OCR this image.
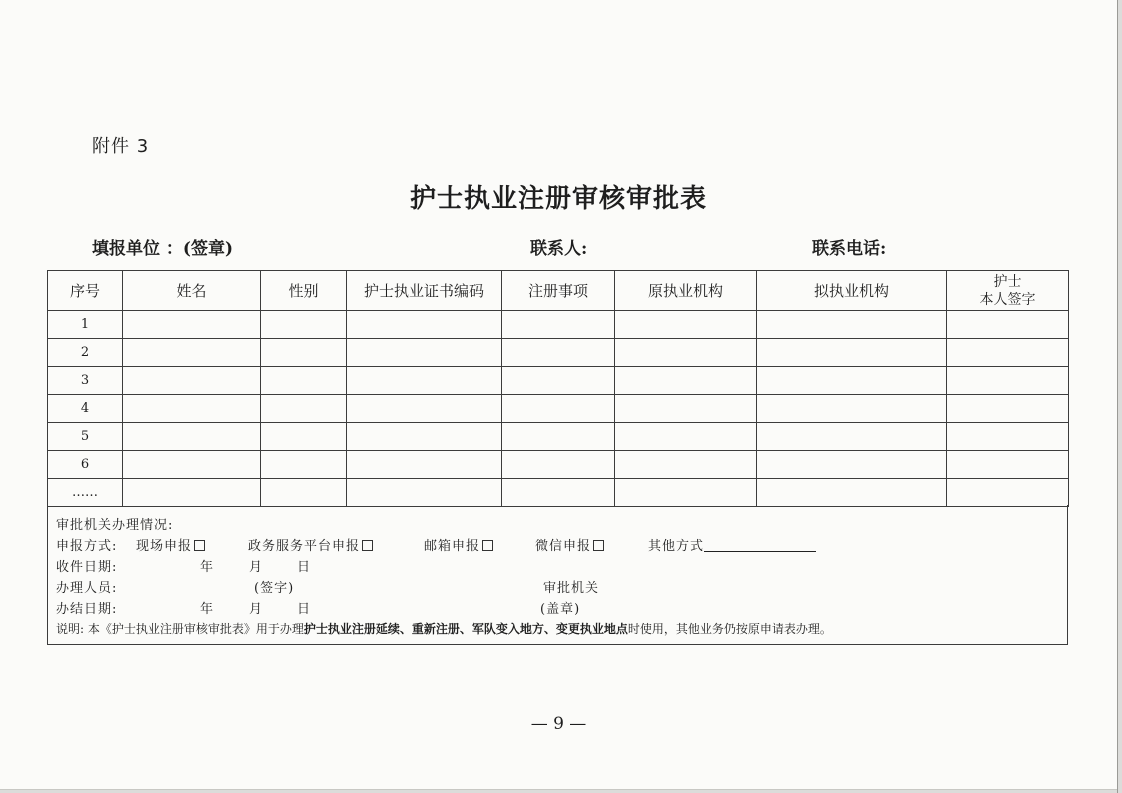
附件 3
护士执业注册审核审批表
填报单位 ：(签章)	联系人:	联系电话:
序号	姓名	性别	护士执业证书编码	注册事项	原执业机构	拟执业机构	护士
本人签字

1							
2							
3							
4							
5							
6							
……							
审批机关办理情况:
申报方式: 现场申报	政务服务平台申报	邮箱申报	微信申报	其他方式
收件日期:	年	月	日
办理人员:	(签字)	审批机关
办结日期:	年	月	日	(盖章)
说明: 本《护士执业注册审核审批表》用于办理护士执业注册延续、重新注册、军队变入地方、变更执业地点时使用，其他业务仍按原申请表办理。
— 9 —
